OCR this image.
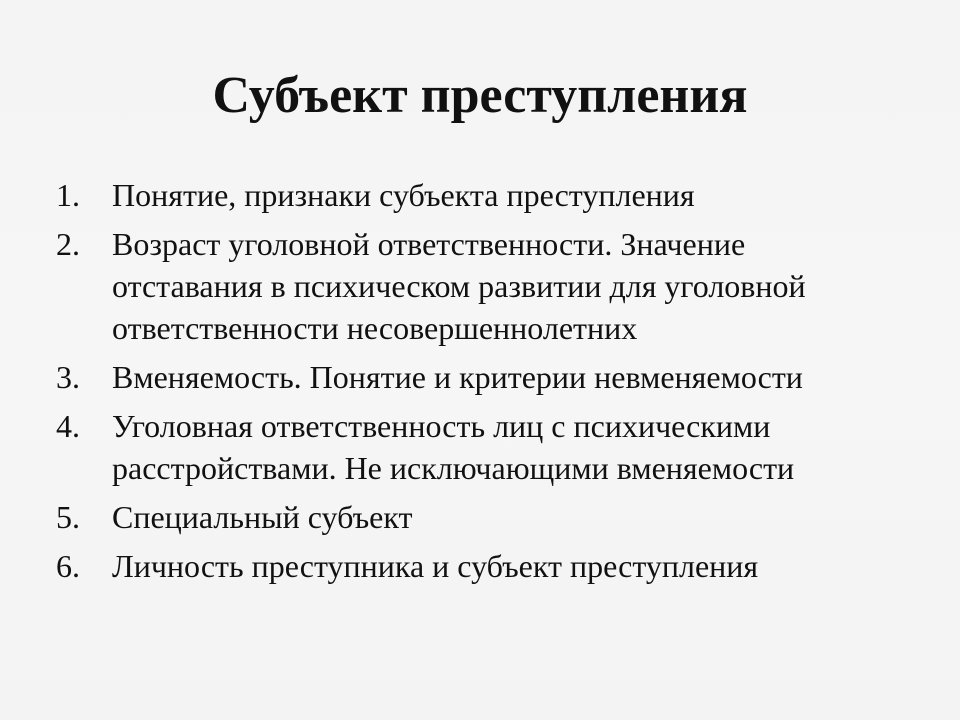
Субъект преступления
1.	Понятие, признаки субъекта преступления
2.	Возраст уголовной ответственности. Значение
отставания в психическом развитии для уголовной
ответственности несовершеннолетних
3.	Вменяемость. Понятие и критерии невменяемости
4.	Уголовная ответственность лиц с психическими
расстройствами. Не исключающими вменяемости
5.	Специальный субъект
6.	Личность преступника и субъект преступления
